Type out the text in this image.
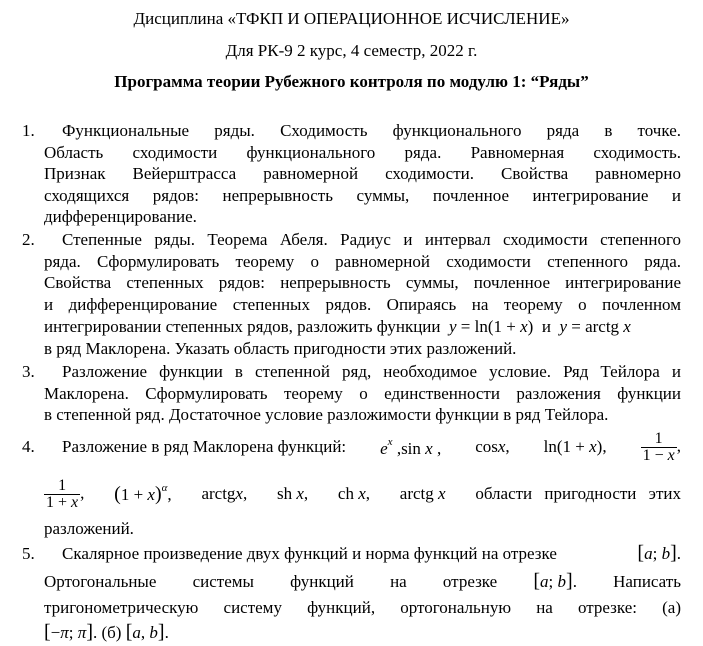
Дисциплина «ТФКП И ОПЕРАЦИОННОЕ ИСЧИСЛЕНИЕ»
Для РК-9 2 курс, 4 семестр, 2022 г.
Программа теории Рубежного контроля по модулю 1: “Ряды”
1.	Функциональные ряды. Сходимость функционального ряда в точке.
Область сходимости функционального ряда. Равномерная сходимость.
Признак Вейерштрасса равномерной сходимости. Свойства равномерно
сходящихся рядов: непрерывность суммы, почленное интегрирование и
дифференцирование.
2.	Степенные ряды. Теорема Абеля. Радиус и интервал сходимости степенного
ряда. Сформулировать теорему о равномерной сходимости степенного ряда.
Свойства степенных рядов: непрерывность суммы, почленное интегрирование
и дифференцирование степенных рядов. Опираясь на теорему о почленном
интегрировании степенных рядов, разложить функции y = ln(1 + x) и y = arctg x
в ряд Маклорена. Указать область пригодности этих разложений.
3.	Разложение функции в степенной ряд, необходимое условие. Ряд Тейлора и
Маклорена. Сформулировать теорему о единственности разложения функции
в степенной ряд. Достаточное условие разложимости функции в ряд Тейлора.
4. Разложение в ряд Маклорена функций: $e^x$ ,sin x , cosx, ln(1 + x), $\frac{1}{1 - x}$ ,
$\frac{1}{1 + x}$ , $(1 + x)^\alpha$, arctgx, sh x, ch x, arctg x области пригодности этих
разложений.
5. Скалярное произведение двух функций и норма функций на отрезке	[a; b].
Ортогональные системы функций на отрезке [a; b]. Написать
тригонометрическую систему функций, ортогональную на отрезке: (а)
[−π; π]. (б) [a, b].
